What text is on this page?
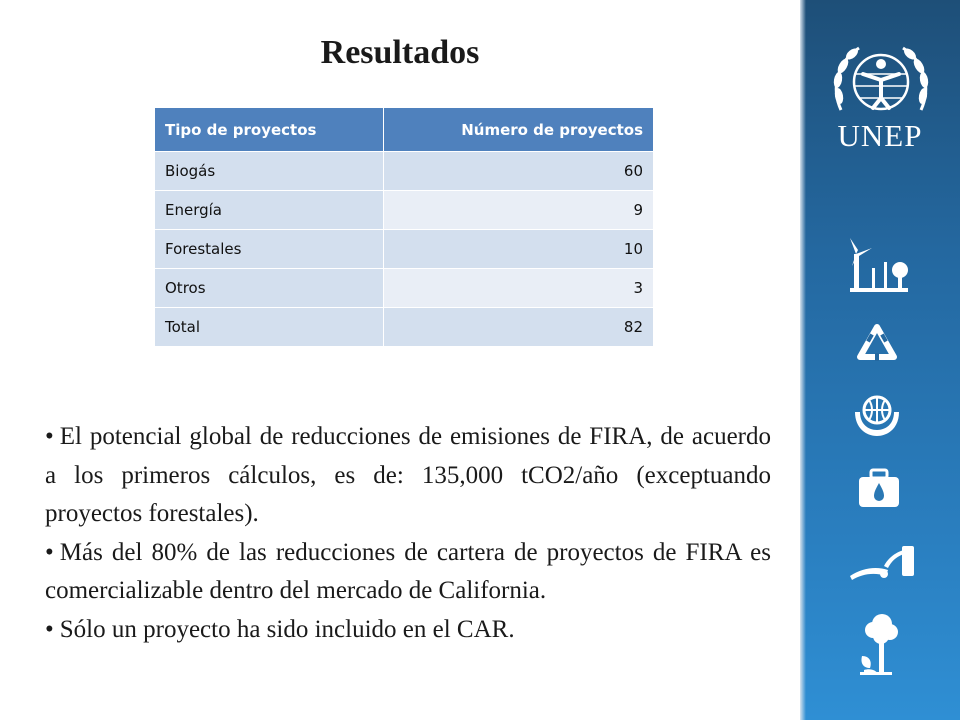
Resultados
Tipo de proyectos	Número de proyectos
Biogás	60
Energía	9
Forestales	10
Otros	3
Total	82
• El potencial global de reducciones de emisiones de FIRA, de acuerdo a los primeros cálculos, es de: 135,000 tCO2/año (exceptuando proyectos forestales).
• Más del 80% de las reducciones de cartera de proyectos de FIRA es comercializable dentro del mercado de California.
• Sólo un proyecto ha sido incluido en el CAR.
UNEP
